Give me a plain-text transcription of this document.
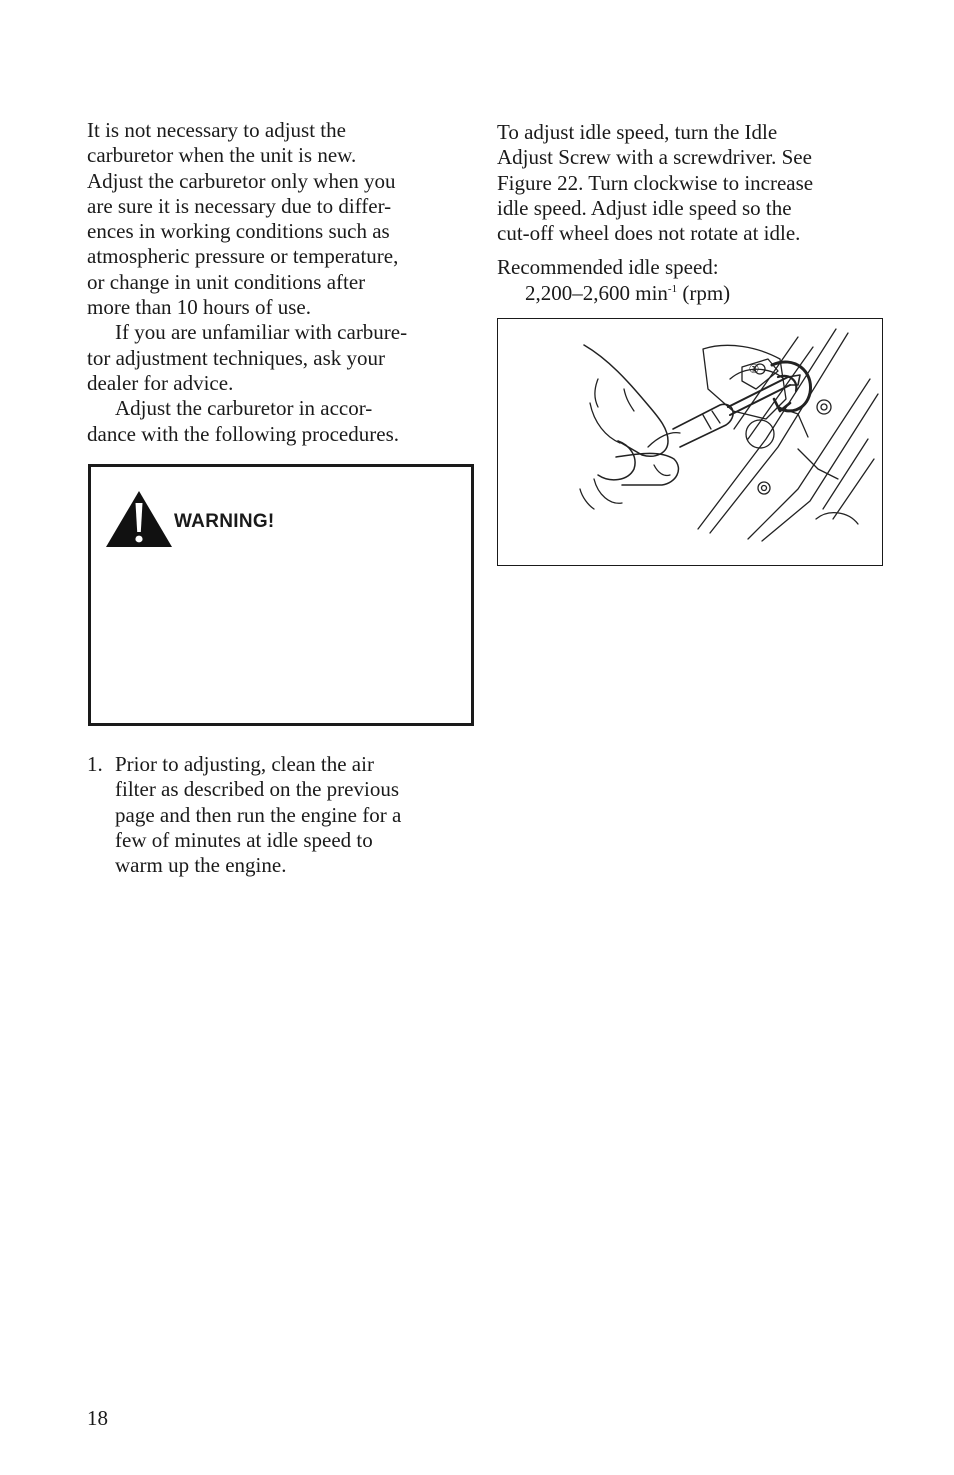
It is not necessary to adjust the
carburetor when the unit is new.
Adjust the carburetor only when you
are sure it is necessary due to differ-
ences in working conditions such as
atmospheric pressure or temperature,
or change in unit conditions after
more than 10 hours of use.

If you are unfamiliar with carbure-
tor adjustment techniques, ask your
dealer for advice.

Adjust the carburetor in accor-
dance with the following procedures.

WARNING!
1. Prior to adjusting, clean the air
filter as described on the previous
page and then run the engine for a
few of minutes at idle speed to
warm up the engine.

To adjust idle speed, turn the Idle
Adjust Screw with a screwdriver. See
Figure 22. Turn clockwise to increase
idle speed. Adjust idle speed so the
cut-off wheel does not rotate at idle.

Recommended idle speed:

2,200–2,600 $\min^{-1} (rpm)$

①
18
